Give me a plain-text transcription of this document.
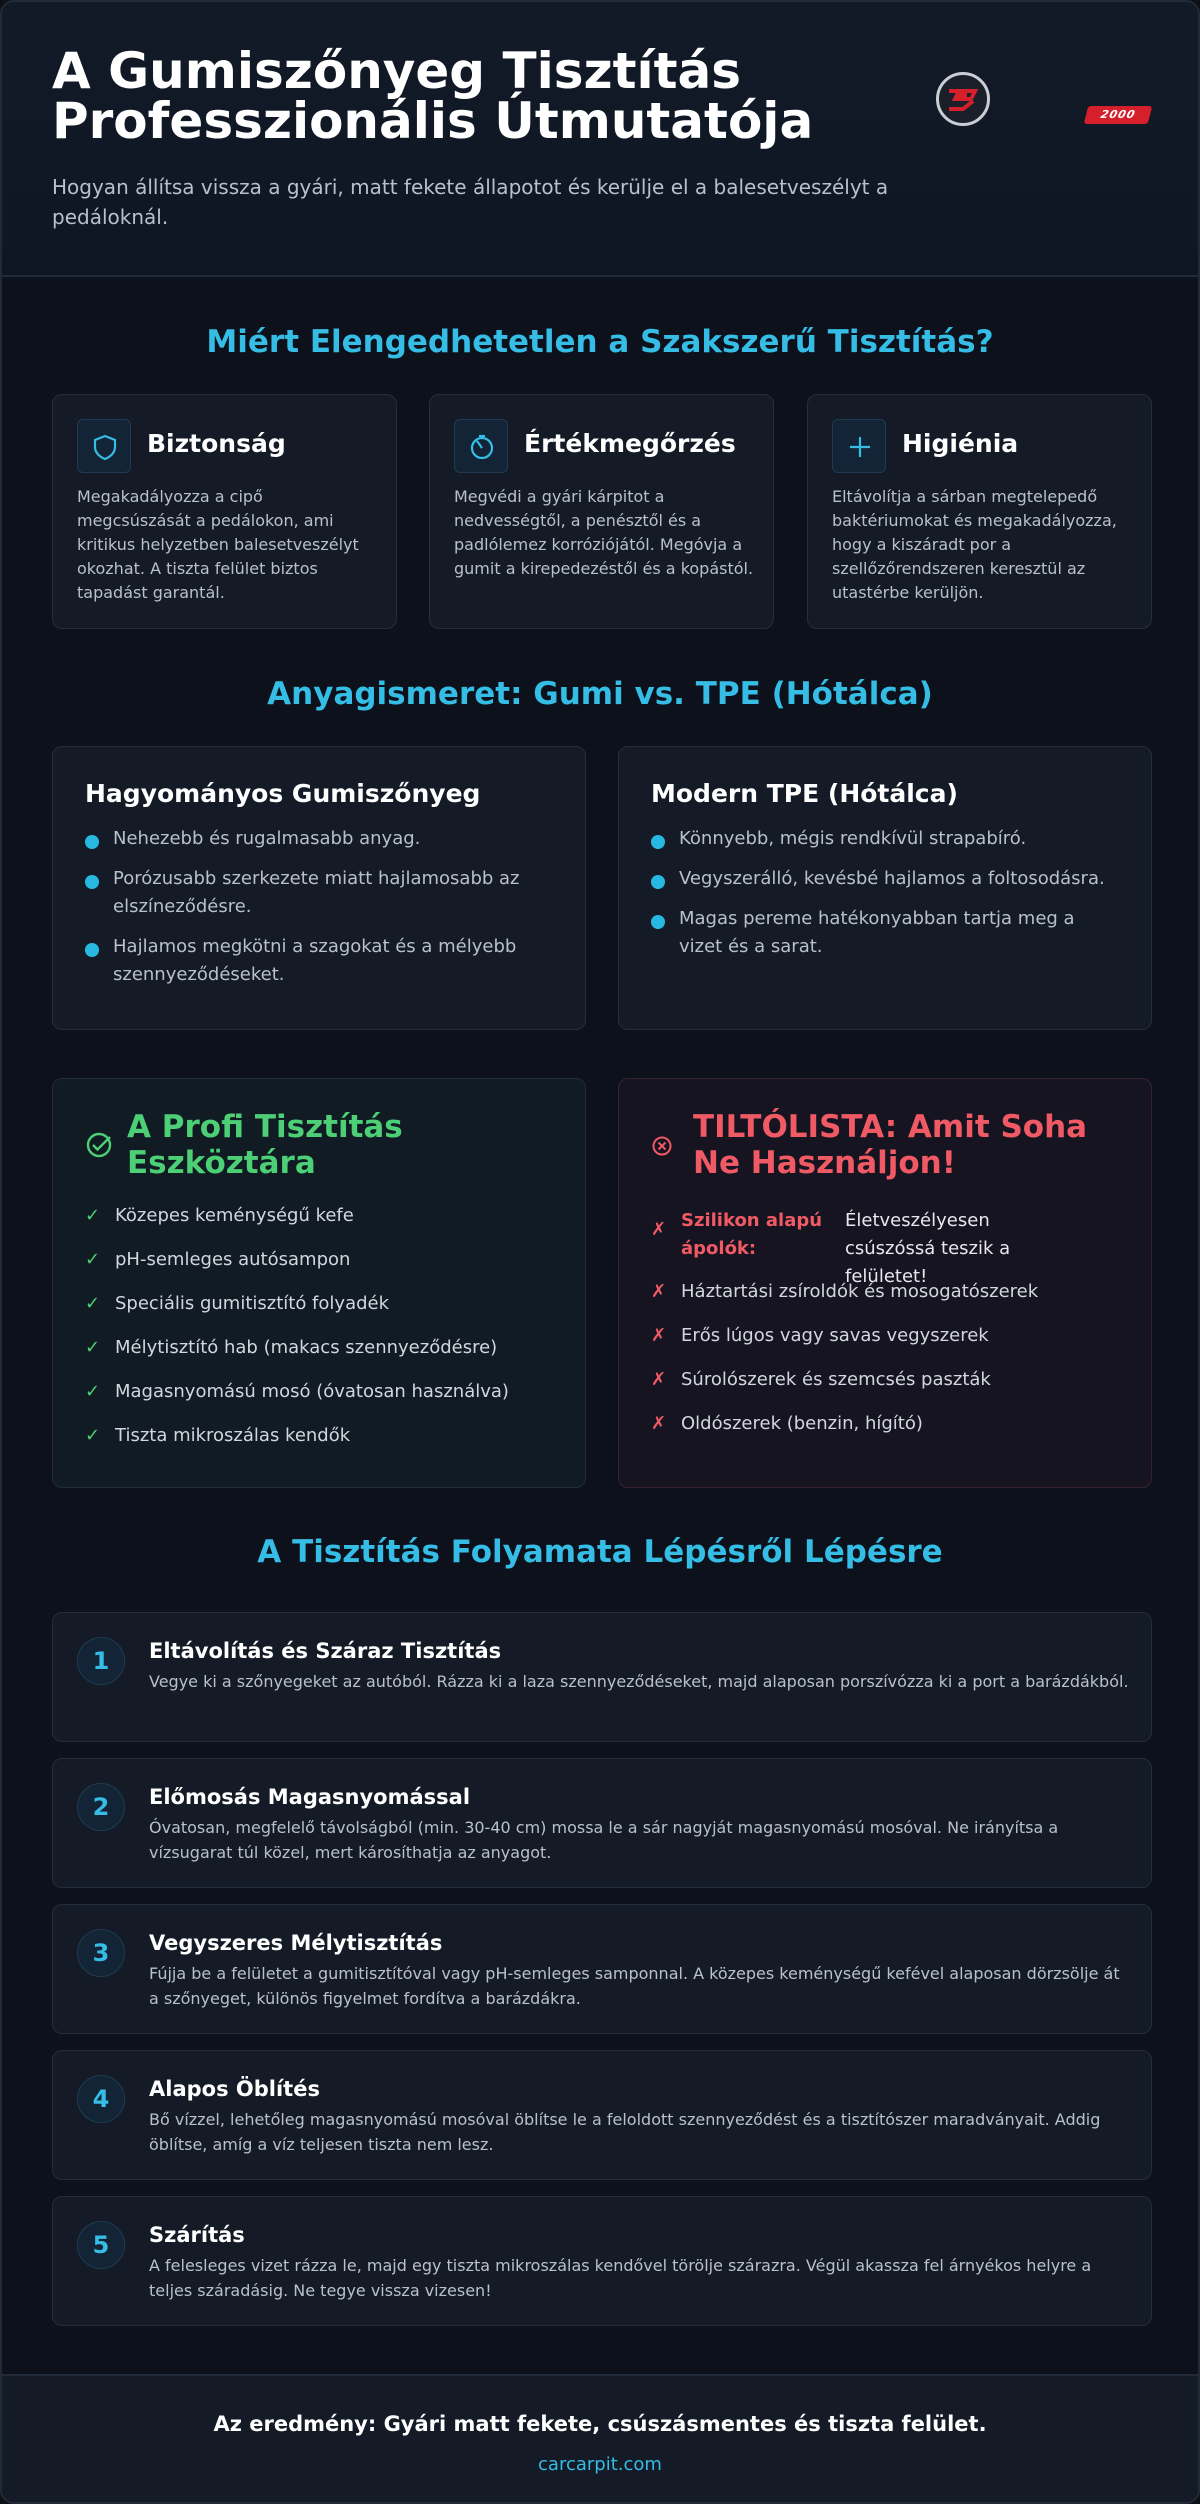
A Gumiszőnyeg Tisztítás Professzionális Útmutatója

Hogyan állítsa vissza a gyári, matt fekete állapotot és kerülje el a balesetveszélyt a pedáloknál.

2000
Miért Elengedhetetlen a Szakszerű Tisztítás?
Biztonság
Megakadályozza a cipő megcsúszását a pedálokon, ami kritikus helyzetben balesetveszélyt okozhat. A tiszta felület biztos tapadást garantál.
Értékmegőrzés
Megvédi a gyári kárpitot a nedvességtől, a penésztől és a padlólemez korróziójától. Megóvja a gumit a kirepedezéstől és a kopástól.
Higiénia
Eltávolítja a sárban megtelepedő baktériumokat és megakadályozza, hogy a kiszáradt por a szellőzőrendszeren keresztül az utastérbe kerüljön.
Anyagismeret: Gumi vs. TPE (Hótálca)
Hagyományos Gumiszőnyeg
Nehezebb és rugalmasabb anyag.
Porózusabb szerkezete miatt hajlamosabb az elszíneződésre.
Hajlamos megkötni a szagokat és a mélyebb szennyeződéseket.
Modern TPE (Hótálca)
Könnyebb, mégis rendkívül strapabíró.
Vegyszerálló, kevésbé hajlamos a foltosodásra.
Magas pereme hatékonyabban tartja meg a vizet és a sarat.
A Profi Tisztítás Eszköztára
✓ Közepes keménységű kefe
✓ pH-semleges autósampon
✓ Speciális gumitisztító folyadék
✓ Mélytisztító hab (makacs szennyeződésre)
✓ Magasnyomású mosó (óvatosan használva)
✓ Tiszta mikroszálas kendők
TILTÓLISTA: Amit Soha Ne Használjon!
✗ Szilikon alapú ápolók:
Életveszélyesen csúszóssá teszik a felületet!
✗ Háztartási zsíroldók és mosogatószerek
✗ Erős lúgos vagy savas vegyszerek
✗ Súrolószerek és szemcsés paszták
✗ Oldószerek (benzin, hígító)
A Tisztítás Folyamata Lépésről Lépésre
1	Eltávolítás és Száraz Tisztítás
Vegye ki a szőnyegeket az autóból. Rázza ki a laza szennyeződéseket, majd alaposan porszívózza ki a port a barázdákból.
2	Előmosás Magasnyomással
Óvatosan, megfelelő távolságból (min. 30-40 cm) mossa le a sár nagyját magasnyomású mosóval. Ne irányítsa a vízsugarat túl közel, mert károsíthatja az anyagot.
3	Vegyszeres Mélytisztítás
Fújja be a felületet a gumitisztítóval vagy pH-semleges samponnal. A közepes keménységű kefével alaposan dörzsölje át a szőnyeget, különös figyelmet fordítva a barázdákra.
4	Alapos Öblítés
Bő vízzel, lehetőleg magasnyomású mosóval öblítse le a feloldott szennyeződést és a tisztítószer maradványait. Addig öblítse, amíg a víz teljesen tiszta nem lesz.
5	Szárítás
A felesleges vizet rázza le, majd egy tiszta mikroszálas kendővel törölje szárazra. Végül akassza fel árnyékos helyre a teljes száradásig. Ne tegye vissza vizesen!
Az eredmény: Gyári matt fekete, csúszásmentes és tiszta felület.
carcarpit.com
